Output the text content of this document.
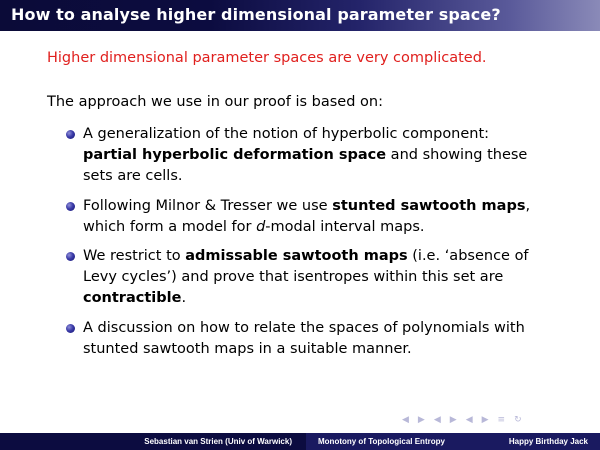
How to analyse higher dimensional parameter space?
Higher dimensional parameter spaces are very complicated.
The approach we use in our proof is based on:
A generalization of the notion of hyperbolic component:
partial hyperbolic deformation space and showing these
sets are cells.
Following Milnor & Tresser we use stunted sawtooth maps,
which form a model for d-modal interval maps.
We restrict to admissable sawtooth maps (i.e. ‘absence of
Levy cycles’) and prove that isentropes within this set are
contractible.
A discussion on how to relate the spaces of polynomials with
stunted sawtooth maps in a suitable manner.
◀ ▶ ◀ ▶ ◀ ▶ ≡ ↻
Sebastian van Strien (Univ of Warwick)	Monotony of Topological Entropy	Happy Birthday Jack
